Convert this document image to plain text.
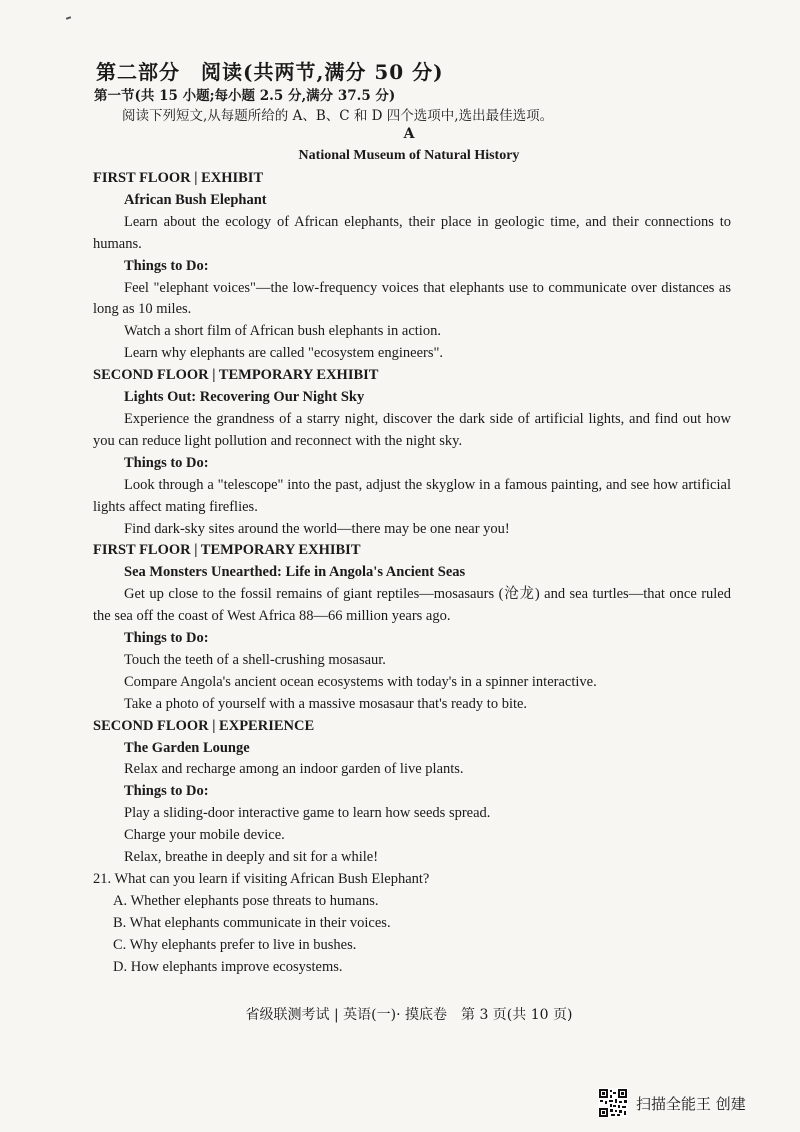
第二部分　阅读(共两节,满分 50 分)
第一节(共 15 小题;每小题 2.5 分,满分 37.5 分)
阅读下列短文,从每题所给的 A、B、C 和 D 四个选项中,选出最佳选项。
A
National Museum of Natural History

FIRST FLOOR | EXHIBIT

African Bush Elephant

Learn about the ecology of African elephants, their place in geologic time, and their connections to humans.

Things to Do:

Feel "elephant voices"—the low-frequency voices that elephants use to communicate over distances as long as 10 miles.

Watch a short film of African bush elephants in action.

Learn why elephants are called "ecosystem engineers".

SECOND FLOOR | TEMPORARY EXHIBIT

Lights Out: Recovering Our Night Sky

Experience the grandness of a starry night, discover the dark side of artificial lights, and find out how you can reduce light pollution and reconnect with the night sky.

Things to Do:

Look through a "telescope" into the past, adjust the skyglow in a famous painting, and see how artificial lights affect mating fireflies.

Find dark-sky sites around the world—there may be one near you!

FIRST FLOOR | TEMPORARY EXHIBIT

Sea Monsters Unearthed: Life in Angola's Ancient Seas

Get up close to the fossil remains of giant reptiles—mosasaurs (沧龙) and sea turtles—that once ruled the sea off the coast of West Africa 88—66 million years ago.

Things to Do:

Touch the teeth of a shell-crushing mosasaur.

Compare Angola's ancient ocean ecosystems with today's in a spinner interactive.

Take a photo of yourself with a massive mosasaur that's ready to bite.

SECOND FLOOR | EXPERIENCE

The Garden Lounge

Relax and recharge among an indoor garden of live plants.

Things to Do:

Play a sliding-door interactive game to learn how seeds spread.

Charge your mobile device.

Relax, breathe in deeply and sit for a while!

21. What can you learn if visiting African Bush Elephant?

A. Whether elephants pose threats to humans.

B. What elephants communicate in their voices.

C. Why elephants prefer to live in bushes.

D. How elephants improve ecosystems.

省级联测考试 | 英语(一)· 摸底卷　第 3 页(共 10 页)
扫描全能王 创建
